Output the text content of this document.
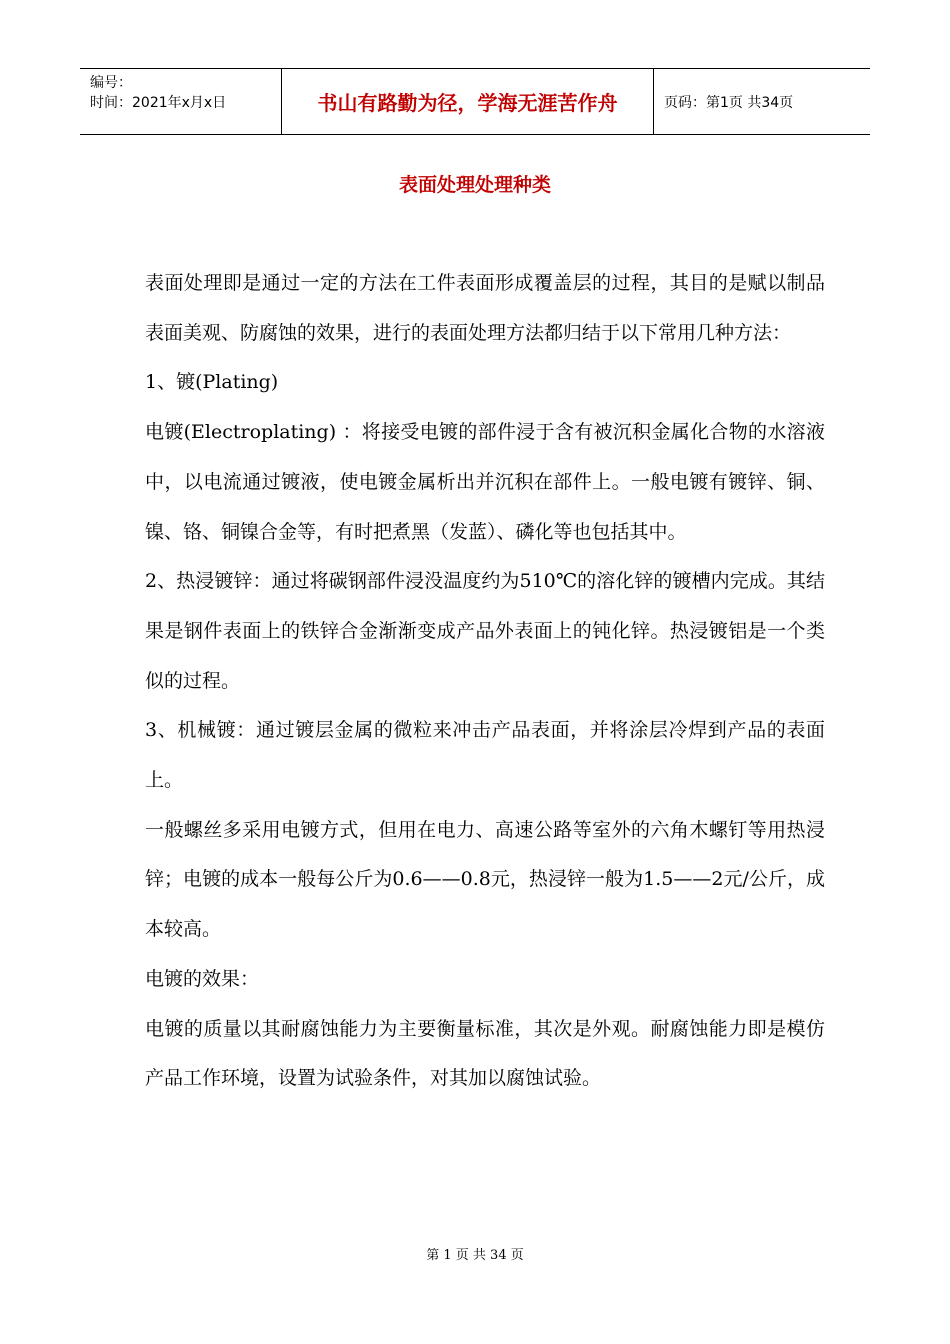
编号：
时间：2021年x月x日	书山有路勤为径，学海无涯苦作舟	页码：第1页 共34页
表面处理处理种类

表面处理即是通过一定的方法在工件表面形成覆盖层的过程，其目的是赋以制品表面美观、防腐蚀的效果，进行的表面处理方法都归结于以下常用几种方法：

1、镀(Plating)

电镀(Electroplating) ：将接受电镀的部件浸于含有被沉积金属化合物的水溶液中，以电流通过镀液，使电镀金属析出并沉积在部件上。一般电镀有镀锌、铜、镍、铬、铜镍合金等，有时把煮黑（发蓝）、磷化等也包括其中。

2、热浸镀锌：通过将碳钢部件浸没温度约为510℃的溶化锌的镀槽内完成。其结果是钢件表面上的铁锌合金渐渐变成产品外表面上的钝化锌。热浸镀铝是一个类似的过程。

3、机械镀：通过镀层金属的微粒来冲击产品表面，并将涂层冷焊到产品的表面上。

一般螺丝多采用电镀方式，但用在电力、高速公路等室外的六角木螺钉等用热浸锌；电镀的成本一般每公斤为0.6——0.8元，热浸锌一般为1.5——2元/公斤，成本较高。

电镀的效果：

电镀的质量以其耐腐蚀能力为主要衡量标准，其次是外观。耐腐蚀能力即是模仿产品工作环境，设置为试验条件，对其加以腐蚀试验。

第 1 页 共 34 页
